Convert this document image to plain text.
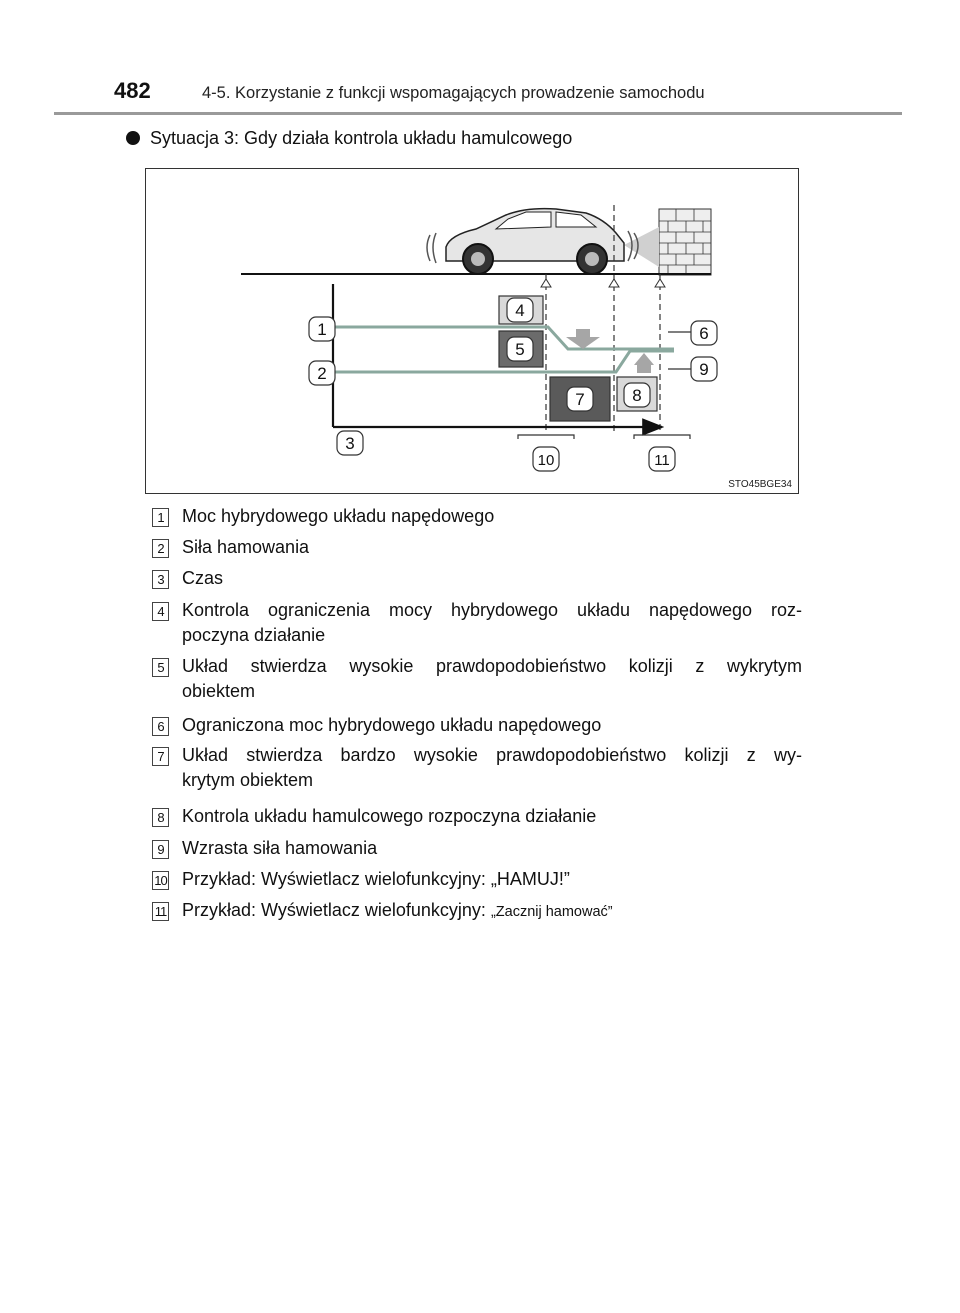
482	4-5. Korzystanie z funkcji wspomagających prowadzenie samochodu
Sytuacja 3: Gdy działa kontrola układu hamulcowego
1
2
3
4
5
6
7	8
9
10	11
STO45BGE34
1 Moc hybrydowego układu napędowego
2 Siła hamowania
3 Czas
4 Kontrola ograniczenia mocy hybrydowego układu napędowego roz-
poczyna działanie
5 Układ stwierdza wysokie prawdopodobieństwo kolizji z wykrytym
obiektem
6 Ograniczona moc hybrydowego układu napędowego
7 Układ stwierdza bardzo wysokie prawdopodobieństwo kolizji z wy-
krytym obiektem
8 Kontrola układu hamulcowego rozpoczyna działanie
9 Wzrasta siła hamowania
10 Przykład: Wyświetlacz wielofunkcyjny: „HAMUJ!”
11 Przykład: Wyświetlacz wielofunkcyjny: „Zacznij hamować”
